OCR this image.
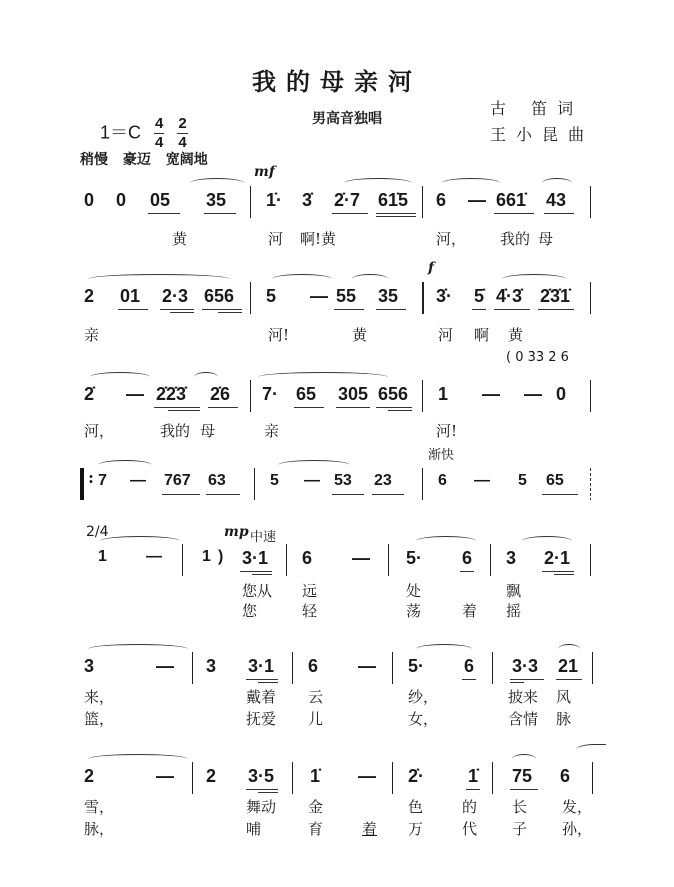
我的母亲河
男高音独唱
古 笛词
王小昆曲
$1=C \frac{4}{4}$
$\frac{2}{4}$
稍慢 豪迈 宽阔地
mf
0 0 05 35 1̇· 3̇ 2̇·7 61̇5 6 — 661̇ 43
黄	河 啊!黄	河， 我的 母
f
2 01 2·3 656 5 — 55 35 3̇· 5̇ 4̇·3̇ 2̇3̇1̇
亲	河!	黄	河 啊 黄
( 0 3̇3̇ 2̇ 6
2̇ — 2̇2̇3̇ 2̇6 7· 65 305 656 1 — — 0
河，	我的 母	亲	河!
渐快
: 7 — 767 63	5 — 53 23	6 — 5 65
2/4	mp 中速
1 —	1 ) 3·1 6 — 5· 6 3 2·1
您从 远	处	飘
您	轻	荡	着 摇
3	— 3 3·1 6 — 5· 6 3·3 21
来，	戴着 云	纱，	披来 风
篮，	抚爱 儿	女，	含情 脉
2	— 2 3·5 1̇ — 2̇· 1̇ 75 6
雪，	舞动 金	色	的 长 发，
脉，	哺	育	着 万	代 子 孙，
